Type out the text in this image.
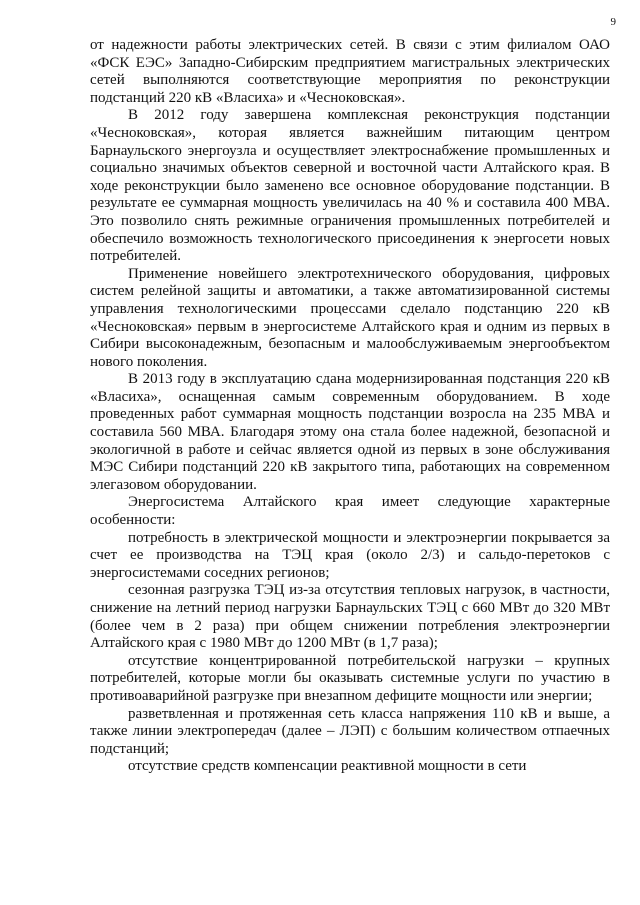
9

от надежности работы электрических сетей. В связи с этим филиалом ОАО «ФСК ЕЭС» Западно-Сибирским предприятием магистральных электрических сетей выполняются соответствующие мероприятия по реконструкции подстанций 220 кВ «Власиха» и «Чесноковская».

В 2012 году завершена комплексная реконструкция подстанции «Чесноковская», которая является важнейшим питающим центром Барнаульского энергоузла и осуществляет электроснабжение промышленных и социально значимых объектов северной и восточной части Алтайского края. В ходе реконструкции было заменено все основное оборудование подстанции. В результате ее суммарная мощность увеличилась на 40 % и составила 400 МВА. Это позволило снять режимные ограничения промышленных потребителей и обеспечило возможность технологического присоединения к энергосети новых потребителей.

Применение новейшего электротехнического оборудования, цифровых систем релейной защиты и автоматики, а также автоматизированной системы управления технологическими процессами сделало подстанцию 220 кВ «Чесноковская» первым в энергосистеме Алтайского края и одним из первых в Сибири высоконадежным, безопасным и малообслуживаемым энергообъектом нового поколения.

В 2013 году в эксплуатацию сдана модернизированная подстанция 220 кВ «Власиха», оснащенная самым современным оборудованием. В ходе проведенных работ суммарная мощность подстанции возросла на 235 МВА и составила 560 МВА. Благодаря этому она стала более надежной, безопасной и экологичной в работе и сейчас является одной из первых в зоне обслуживания МЭС Сибири подстанций 220 кВ закрытого типа, работающих на современном элегазовом оборудовании.

Энергосистема Алтайского края имеет следующие характерные особенности:

потребность в электрической мощности и электроэнергии покрывается за счет ее производства на ТЭЦ края (около 2/3) и сальдо-перетоков с энергосистемами соседних регионов;

сезонная разгрузка ТЭЦ из-за отсутствия тепловых нагрузок, в частности, снижение на летний период нагрузки Барнаульских ТЭЦ с 660 МВт до 320 МВт (более чем в 2 раза) при общем снижении потребления электроэнергии Алтайского края с 1980 МВт до 1200 МВт (в 1,7 раза);

отсутствие концентрированной потребительской нагрузки – крупных потребителей, которые могли бы оказывать системные услуги по участию в противоаварийной разгрузке при внезапном дефиците мощности или энергии;

разветвленная и протяженная сеть класса напряжения 110 кВ и выше, а также линии электропередач (далее – ЛЭП) с большим количеством отпаечных подстанций;

отсутствие средств компенсации реактивной мощности в сети
